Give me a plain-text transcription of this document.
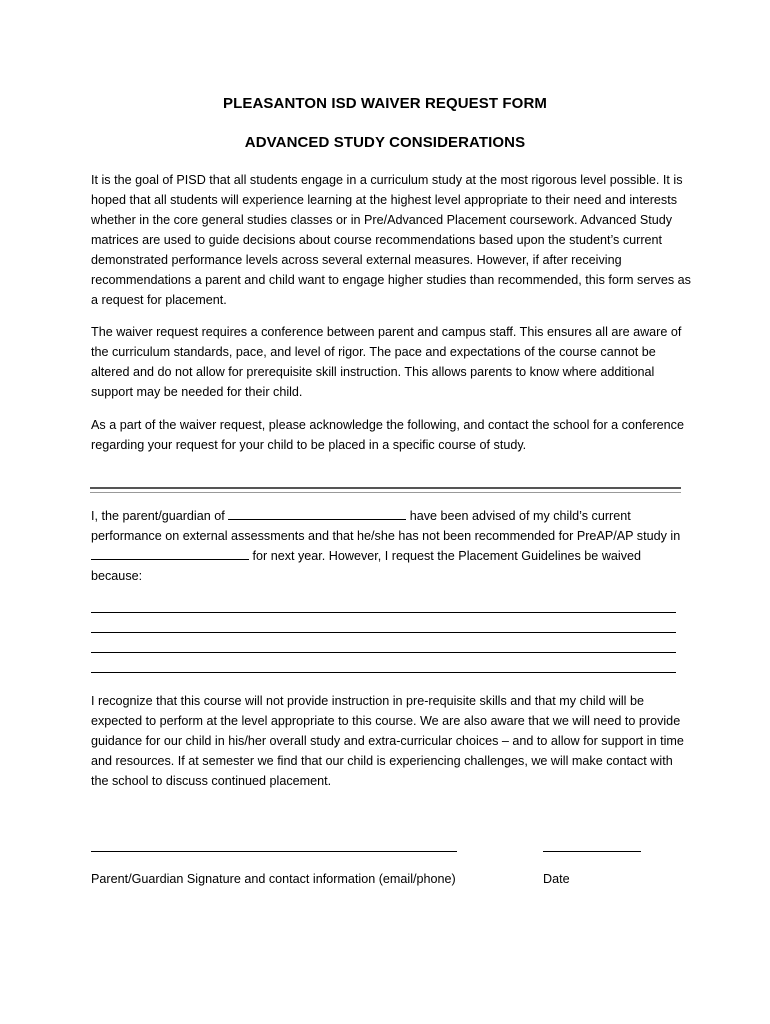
PLEASANTON ISD WAIVER REQUEST FORM
ADVANCED STUDY CONSIDERATIONS
It is the goal of PISD that all students engage in a curriculum study at the most rigorous level possible. It is hoped that all students will experience learning at the highest level appropriate to their need and interests whether in the core general studies classes or in Pre/Advanced Placement coursework. Advanced Study matrices are used to guide decisions about course recommendations based upon the student’s current demonstrated performance levels across several external measures. However, if after receiving recommendations a parent and child want to engage higher studies than recommended, this form serves as a request for placement.
The waiver request requires a conference between parent and campus staff. This ensures all are aware of the curriculum standards, pace, and level of rigor. The pace and expectations of the course cannot be altered and do not allow for prerequisite skill instruction. This allows parents to know where additional support may be needed for their child.
As a part of the waiver request, please acknowledge the following, and contact the school for a conference regarding your request for your child to be placed in a specific course of study.
I, the parent/guardian of	have been advised of my child’s current performance on external assessments and that he/she has not been recommended for PreAP/AP study in  for next year. However, I request the Placement Guidelines be waived because:
I recognize that this course will not provide instruction in pre-requisite skills and that my child will be expected to perform at the level appropriate to this course. We are also aware that we will need to provide guidance for our child in his/her overall study and extra-curricular choices – and to allow for support in time and resources. If at semester we find that our child is experiencing challenges, we will make contact with the school to discuss continued placement.
Parent/Guardian Signature and contact information (email/phone)	Date
